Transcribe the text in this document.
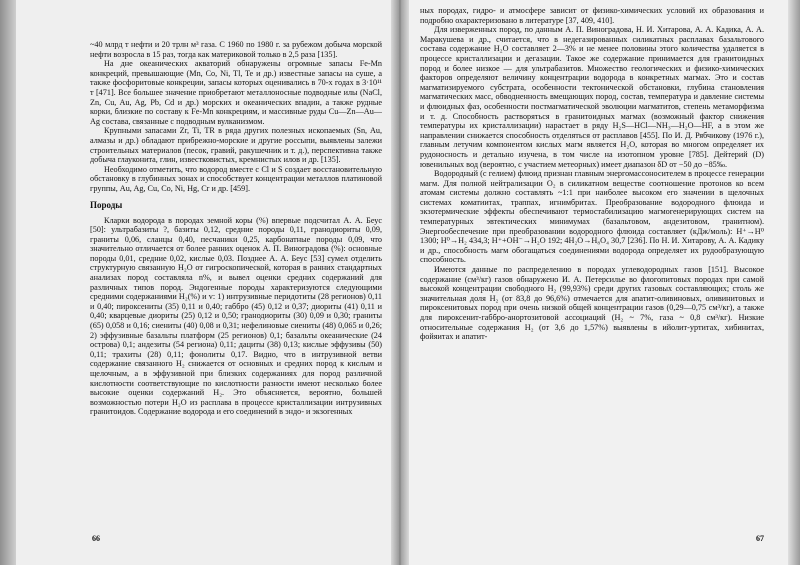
~40 млрд т нефти и 20 трлн м³ газа. С 1960 по 1980 г. за рубежом добыча морской нефти возросла в 15 раз, тогда как материковой только в 2,5 раза [135].

На дне океанических акваторий обнаружены огромные запасы Fe-Mn конкреций, превышающие (Mn, Co, Ni, Tl, Te и др.) известные запасы на суше, а также фосфоритовые конкреции, запасы которых оценивались в 70-х годах в 3·10¹¹ т [471]. Все большее значение приобретают металлоносные подводные илы (NaCl, Zn, Cu, Au, Ag, Pb, Cd и др.) морских и океанических впадин, а также рудные корки, близкие по составу к Fe-Mn конкрециям, и массивные руды Cu—Zn—Au—Ag состава, связанные с подводным вулканизмом.

Крупными запасами Zr, Ti, TR в ряда других полезных ископаемых (Sn, Au, алмазы и др.) обладают прибрежно-морские и другие россыпи, выявлены залежи строительных материалов (песок, гравий, ракушечник и т. д.), перспективна также добыча глауконита, глин, известковистых, кремнистых илов и др. [135].

Необходимо отметить, что водород вместе с Cl и S создает восстановительную обстановку в глубинных зонах и способствует концентрации металлов платиновой группы, Au, Ag, Cu, Co, Ni, Hg, Cr и др. [459].

Породы

Кларки водорода в породах земной коры (%) впервые подсчитал А. А. Беус [50]: ультрабазиты ?, базиты 0,12, средние породы 0,11, гранодиориты 0,09, граниты 0,06, сланцы 0,40, песчаники 0,25, карбонатные породы 0,09, что значительно отличается от более ранних оценок А. П. Виноградова (%): основные породы 0,01, средние 0,02, кислые 0,03. Позднее А. А. Беус [53] сумел отделить структурную связанную H₂O от гигроскопической, которая в ранних стандартных анализах пород составляла n%, и вывел оценки средних содержаний для различных типов пород. Эндогенные породы характеризуются следующими средними содержаниями H₂(%) и v: 1) интрузивные перидотиты (28 регионов) 0,11 и 0,40; пироксениты (35) 0,11 и 0,40; габбро (45) 0,12 и 0,37; диориты (41) 0,11 и 0,40; кварцевые диориты (25) 0,12 и 0,50; гранодиориты (30) 0,09 и 0,30; граниты (65) 0,058 и 0,16; сиениты (40) 0,08 и 0,31; нефелиновые сиениты (48) 0,065 и 0,26; 2) эффузивные базальты платформ (25 регионов) 0,1; базальты океанические (24 острова) 0,1; андезиты (54 региона) 0,11; дациты (38) 0,13; кислые эффузивы (50) 0,11; трахиты (28) 0,11; фонолиты 0,17. Видно, что в интрузивной ветви содержание связанного H₂ снижается от основных и средних пород к кислым и щелочным, а в эффузивной при близких содержаниях для пород различной кислотности соответствующие по кислотности разности имеют несколько более высокие оценки содержаний H₂. Это объясняется, вероятно, большей возможностью потери H₂O из расплава в процессе кристаллизации интрузивных гранитоидов. Содержание водорода и его соединений в эндо- и экзогенных

66

ных породах, гидро- и атмосфере зависит от физико-химических условий их образования и подробно охарактеризовано в литературе [37, 409, 410].

Для изверженных пород, по данным А. П. Виноградова, Н. И. Хитарова, А. А. Кадика, А. А. Маракушева и др., считается, что в недегазированных силикатных расплавах базальтового состава содержание H₂O составляет 2—3% и не менее половины этого количества удаляется в процессе кристаллизации и дегазации. Такое же содержание принимается для гранитоидных пород и более низкое — для ультрабазитов. Множество геологических и физико-химических факторов определяют величину концентрации водорода в конкретных магмах. Это и состав магматизируемого субстрата, особенности тектонической обстановки, глубина становления магматических масс, обводненность вмещающих пород, состав, температура и давление системы и флюидных фаз, особенности постмагматической эволюции магматитов, степень метаморфизма и т. д. Способность растворяться в гранитоидных магмах (возможный фактор снижения температуры их кристаллизации) нарастает в ряду H₂S—HCl—NH₃—H₂O—HF, а в этом же направлении снижается способность отделяться от расплавов [455]. По И. Д. Рябчикову (1976 г.), главным летучим компонентом кислых магм является H₂O, которая во многом определяет их рудоносность и детально изучена, в том числе на изотопном уровне [785]. Дейтерий (D) ювенильных вод (вероятно, с участием метеорных) имеет диапазон δD от −50 до −85‰.

Водородный (с гелием) флюид признан главным энергомассоносителем в процессе генерации магм. Для полной нейтрализации O₂ в силикатном веществе соотношение протонов ко всем атомам системы должно составлять ~1:1 при наиболее высоком его значении в щелочных системах коматиитах, траппах, игнимбритах. Преобразование водородного флюида и экзотермические эффекты обеспечивают термостабилизацию магмогенерирующих систем на температурных эвтектических минимумах (базальтовом, андезитовом, гранитном). Энергообеспечение при преобразовании водородного флюида составляет (кДж/моль): H⁺→H⁰ 1300; H⁰→H₂ 434,3; H⁺+OH⁻→H₂O 192; 4H₂O→H₈O₄ 30,7 [236]. По Н. И. Хитарову, А. А. Кадику и др., способность магм обогащаться соединениями водорода определяет их рудообразующую способность.

Имеются данные по распределению в породах углеводородных газов [151]. Высокое содержание (см³/кг) газов обнаружено И. А. Петерсилье во флогопитовых породах при самой высокой концентрации свободного H₂ (99,93%) среди других газовых составляющих; столь же значительная доля H₂ (от 83,8 до 96,6%) отмечается для апатит-оливиновых, оливинитовых и пироксенитовых пород при очень низкой общей концентрации газов (0,29—0,75 см³/кг), а также для пироксенит-габбро-анортозитовой ассоциаций (H₂ ~ 7%, газа ~ 0,8 см³/кг). Низкие относительные содержания H₂ (от 3,6 до 1,57%) выявлены в ийолит-уртитах, хибинитах, фойяитах и апатит-

67
